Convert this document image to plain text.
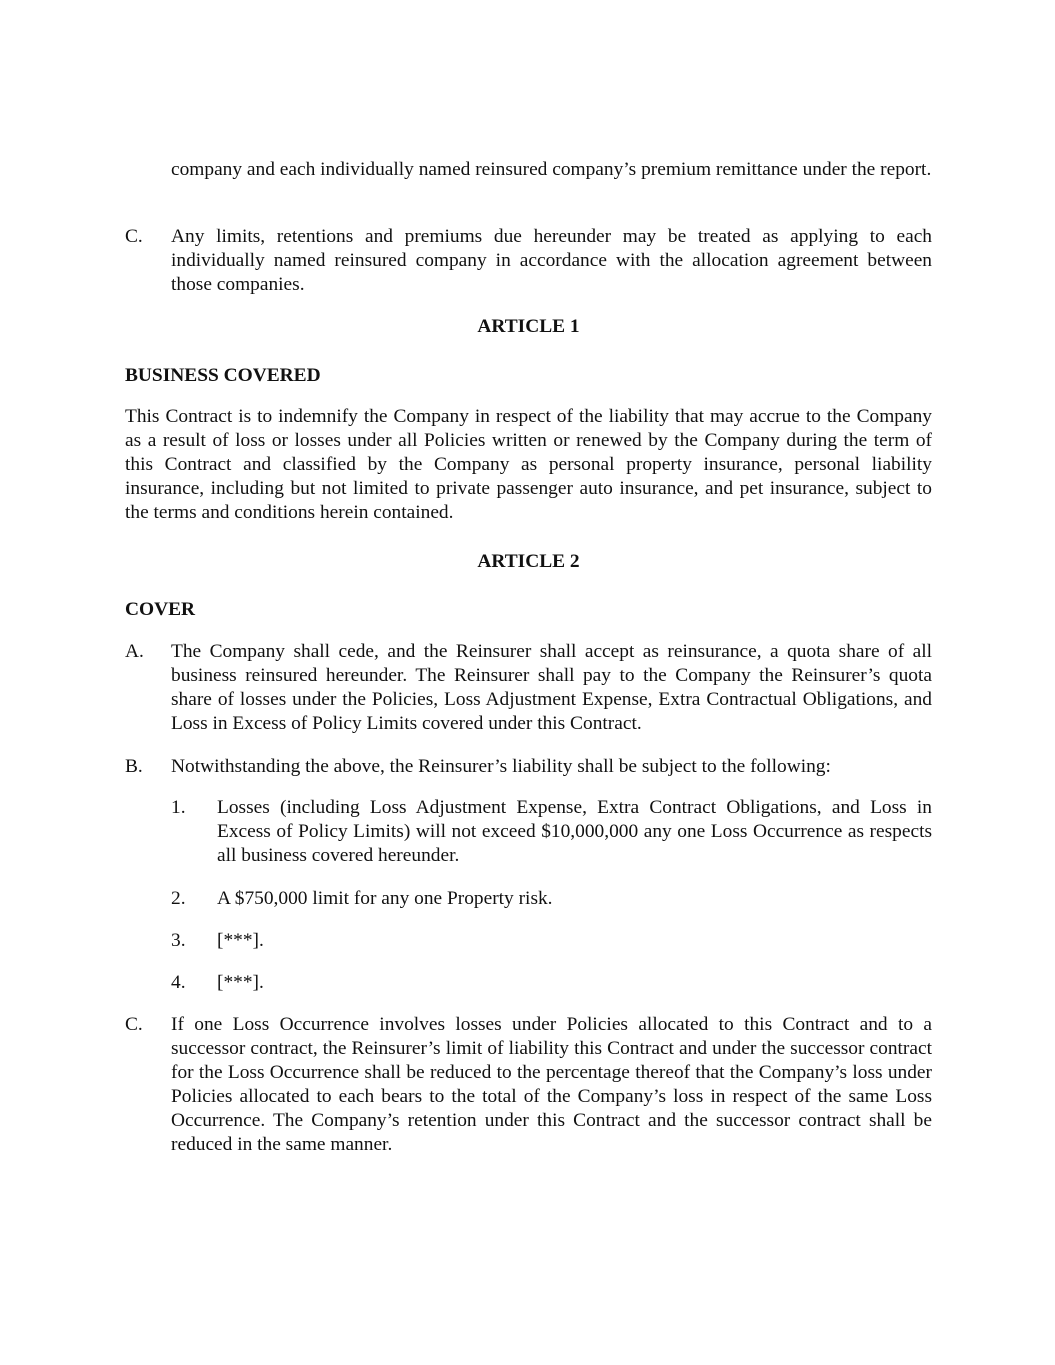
company and each individually named reinsured company’s premium remittance under the report.
C. Any limits, retentions and premiums due hereunder may be treated as applying to each individually named reinsured company in accordance with the allocation agreement between those companies.
ARTICLE 1
BUSINESS COVERED
This Contract is to indemnify the Company in respect of the liability that may accrue to the Company as a result of loss or losses under all Policies written or renewed by the Company during the term of this Contract and classified by the Company as personal property insurance, personal liability insurance, including but not limited to private passenger auto insurance, and pet insurance, subject to the terms and conditions herein contained.
ARTICLE 2
COVER
A. The Company shall cede, and the Reinsurer shall accept as reinsurance, a quota share of all business reinsured hereunder. The Reinsurer shall pay to the Company the Reinsurer’s quota share of losses under the Policies, Loss Adjustment Expense, Extra Contractual Obligations, and Loss in Excess of Policy Limits covered under this Contract.
B. Notwithstanding the above, the Reinsurer’s liability shall be subject to the following:
1. Losses (including Loss Adjustment Expense, Extra Contract Obligations, and Loss in Excess of Policy Limits) will not exceed $10,000,000 any one Loss Occurrence as respects all business covered hereunder.
2. A $750,000 limit for any one Property risk.
3. [***].
4. [***].
C. If one Loss Occurrence involves losses under Policies allocated to this Contract and to a successor contract, the Reinsurer’s limit of liability this Contract and under the successor contract for the Loss Occurrence shall be reduced to the percentage thereof that the Company’s loss under Policies allocated to each bears to the total of the Company’s loss in respect of the same Loss Occurrence. The Company’s retention under this Contract and the successor contract shall be reduced in the same manner.
